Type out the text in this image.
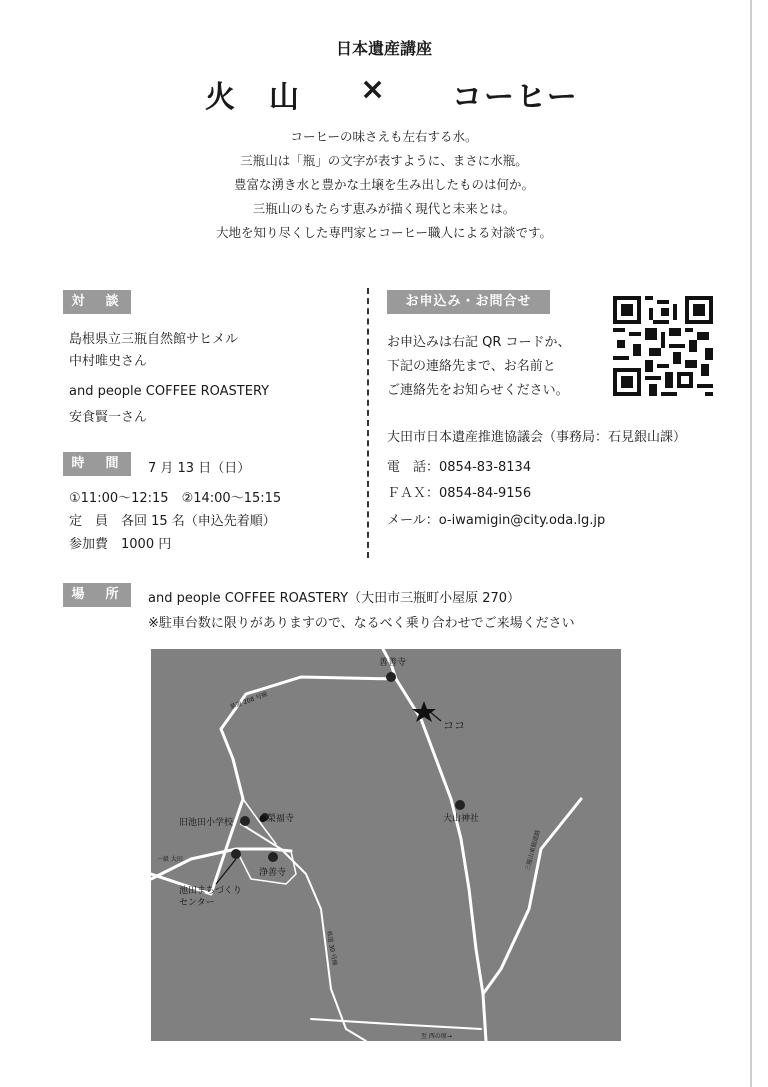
日本遺産講座
火　山 × コーヒー
コーヒーの味さえも左右する水。
三瓶山は「瓶」の文字が表すように、まさに水瓶。
豊富な湧き水と豊かな土壌を生み出したものは何か。
三瓶山のもたらす恵みが描く現代と未来とは。
大地を知り尽くした専門家とコーヒー職人による対談です。
対　談
島根県立三瓶自然館サヒメル
中村唯史さん
and people COFFEE ROASTERY
安食賢一さん
時　間	7 月 13 日（日）
①11:00～12:15　②14:00～15:15
定　員　各回 15 名（申込先着順）
参加費　1000 円
お申込み・お問合せ
お申込みは右記 QR コードか、
下記の連絡先まで、お名前と
ご連絡先をお知らせください。
大田市日本遺産推進協議会（事務局：石見銀山課）
電　話：0854-83-8134
ＦＡＸ：0854-84-9156
メール：o-iwamigin@city.oda.lg.jp
場　所	and people COFFEE ROASTERY（大田市三瓶町小屋原 270）
※駐車台数に限りがありますので、なるべく乗り合わせでご来場ください
ココ
善善寺
大山神社
旧池田小学校	●榮福寺
浄善寺
池田まちづくり
センター
県道 208 号線
一級 大田
県道 30 号線
三瓶山東側道路
至 西の原→
